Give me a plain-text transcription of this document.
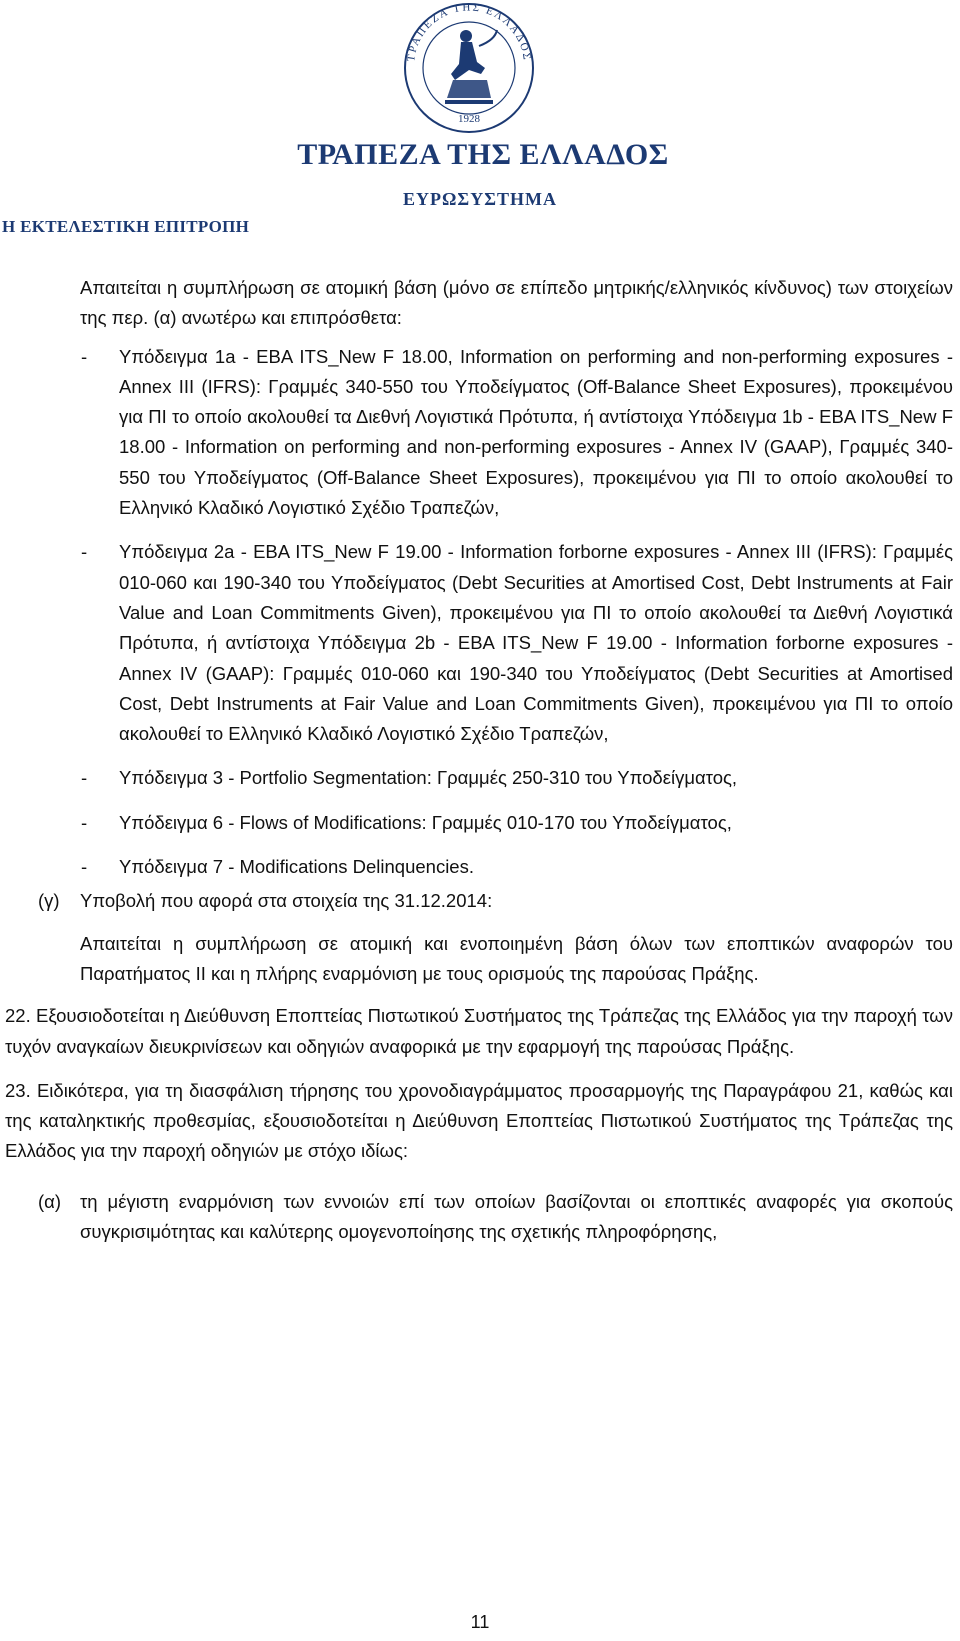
ΤΡΑΠΕΖΑ ΤΗΣ ΕΛΛΑΔΟΣ
1928
ΤΡΑΠΕΖΑ ΤΗΣ ΕΛΛΑΔΟΣ
ΕΥΡΩΣΥΣΤΗΜΑ
Η ΕΚΤΕΛΕΣΤΙΚΗ ΕΠΙΤΡΟΠΗ

Απαιτείται η συμπλήρωση σε ατομική βάση (μόνο σε επίπεδο μητρικής/ελληνικός κίνδυνος) των στοιχείων της περ. (α) ανωτέρω και επιπρόσθετα:

- Υπόδειγμα 1a - EBA ITS_New F 18.00, Information on performing and non-performing exposures - Annex III (IFRS): Γραμμές 340-550 του Υποδείγματος (Off-Balance Sheet Exposures), προκειμένου για ΠΙ το οποίο ακολουθεί τα Διεθνή Λογιστικά Πρότυπα, ή αντίστοιχα Υπόδειγμα 1b - EBA ITS_New F 18.00 - Information on performing and non-performing exposures - Annex IV (GAAP), Γραμμές 340-550 του Υποδείγματος (Off-Balance Sheet Exposures), προκειμένου για ΠΙ το οποίο ακολουθεί το Ελληνικό Κλαδικό Λογιστικό Σχέδιο Τραπεζών,
- Υπόδειγμα 2a - EBA ITS_New F 19.00 - Information forborne exposures - Annex III (IFRS): Γραμμές 010-060 και 190-340 του Υποδείγματος (Debt Securities at Amortised Cost, Debt Instruments at Fair Value and Loan Commitments Given), προκειμένου για ΠΙ το οποίο ακολουθεί τα Διεθνή Λογιστικά Πρότυπα, ή αντίστοιχα Υπόδειγμα 2b - EBA ITS_New F 19.00 - Information forborne exposures - Annex IV (GAAP): Γραμμές 010-060 και 190-340 του Υποδείγματος (Debt Securities at Amortised Cost, Debt Instruments at Fair Value and Loan Commitments Given), προκειμένου για ΠΙ το οποίο ακολουθεί το Ελληνικό Κλαδικό Λογιστικό Σχέδιο Τραπεζών,
- Υπόδειγμα 3 - Portfolio Segmentation: Γραμμές 250-310 του Υποδείγματος,
- Υπόδειγμα 6 - Flows of Modifications: Γραμμές 010-170 του Υποδείγματος,
- Υπόδειγμα 7 - Modifications Delinquencies.
(γ) Υποβολή που αφορά στα στοιχεία της 31.12.2014:

Απαιτείται η συμπλήρωση σε ατομική και ενοποιημένη βάση όλων των εποπτικών αναφορών του Παρατήματος ΙΙ και η πλήρης εναρμόνιση με τους ορισμούς της παρούσας Πράξης.

22. Εξουσιοδοτείται η Διεύθυνση Εποπτείας Πιστωτικού Συστήματος της Τράπεζας της Ελλάδος για την παροχή των τυχόν αναγκαίων διευκρινίσεων και οδηγιών αναφορικά με την εφαρμογή της παρούσας Πράξης.

23. Ειδικότερα, για τη διασφάλιση τήρησης του χρονοδιαγράμματος προσαρμογής της Παραγράφου 21, καθώς και της καταληκτικής προθεσμίας, εξουσιοδοτείται η Διεύθυνση Εποπτείας Πιστωτικού Συστήματος της Τράπεζας της Ελλάδος για την παροχή οδηγιών με στόχο ιδίως:

(α) τη μέγιστη εναρμόνιση των εννοιών επί των οποίων βασίζονται οι εποπτικές αναφορές για σκοπούς συγκρισιμότητας και καλύτερης ομογενοποίησης της σχετικής πληροφόρησης,
11
